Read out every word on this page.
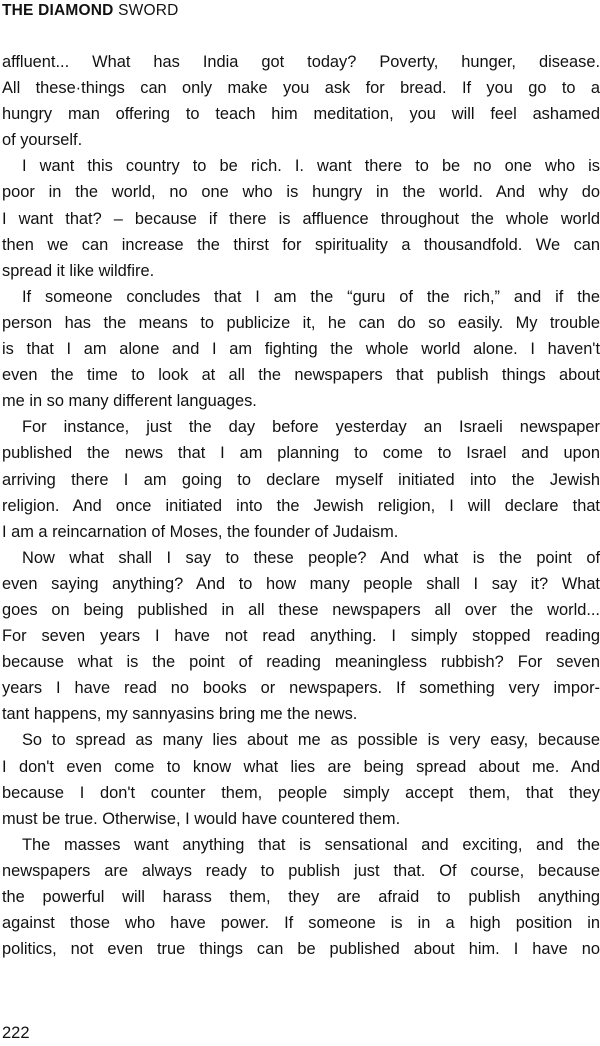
THE DIAMOND SWORD
affluent... What has India got today? Poverty, hunger, disease.
All these·things can only make you ask for bread. If you go to a
hungry man offering to teach him meditation, you will feel ashamed
of yourself.
I want this country to be rich. I. want there to be no one who is
poor in the world, no one who is hungry in the world. And why do
I want that? – because if there is affluence throughout the whole world
then we can increase the thirst for spirituality a thousandfold. We can
spread it like wildfire.
If someone concludes that I am the “guru of the rich,” and if the
person has the means to publicize it, he can do so easily. My trouble
is that I am alone and I am fighting the whole world alone. I haven't
even the time to look at all the newspapers that publish things about
me in so many different languages.
For instance, just the day before yesterday an Israeli newspaper
published the news that I am planning to come to Israel and upon
arriving there I am going to declare myself initiated into the Jewish
religion. And once initiated into the Jewish religion, I will declare that
I am a reincarnation of Moses, the founder of Judaism.
Now what shall I say to these people? And what is the point of
even saying anything? And to how many people shall I say it? What
goes on being published in all these newspapers all over the world...
For seven years I have not read anything. I simply stopped reading
because what is the point of reading meaningless rubbish? For seven
years I have read no books or newspapers. If something very impor-
tant happens, my sannyasins bring me the news.
So to spread as many lies about me as possible is very easy, because
I don't even come to know what lies are being spread about me. And
because I don't counter them, people simply accept them, that they
must be true. Otherwise, I would have countered them.
The masses want anything that is sensational and exciting, and the
newspapers are always ready to publish just that. Of course, because
the powerful will harass them, they are afraid to publish anything
against those who have power. If someone is in a high position in
politics, not even true things can be published about him. I have no
222
